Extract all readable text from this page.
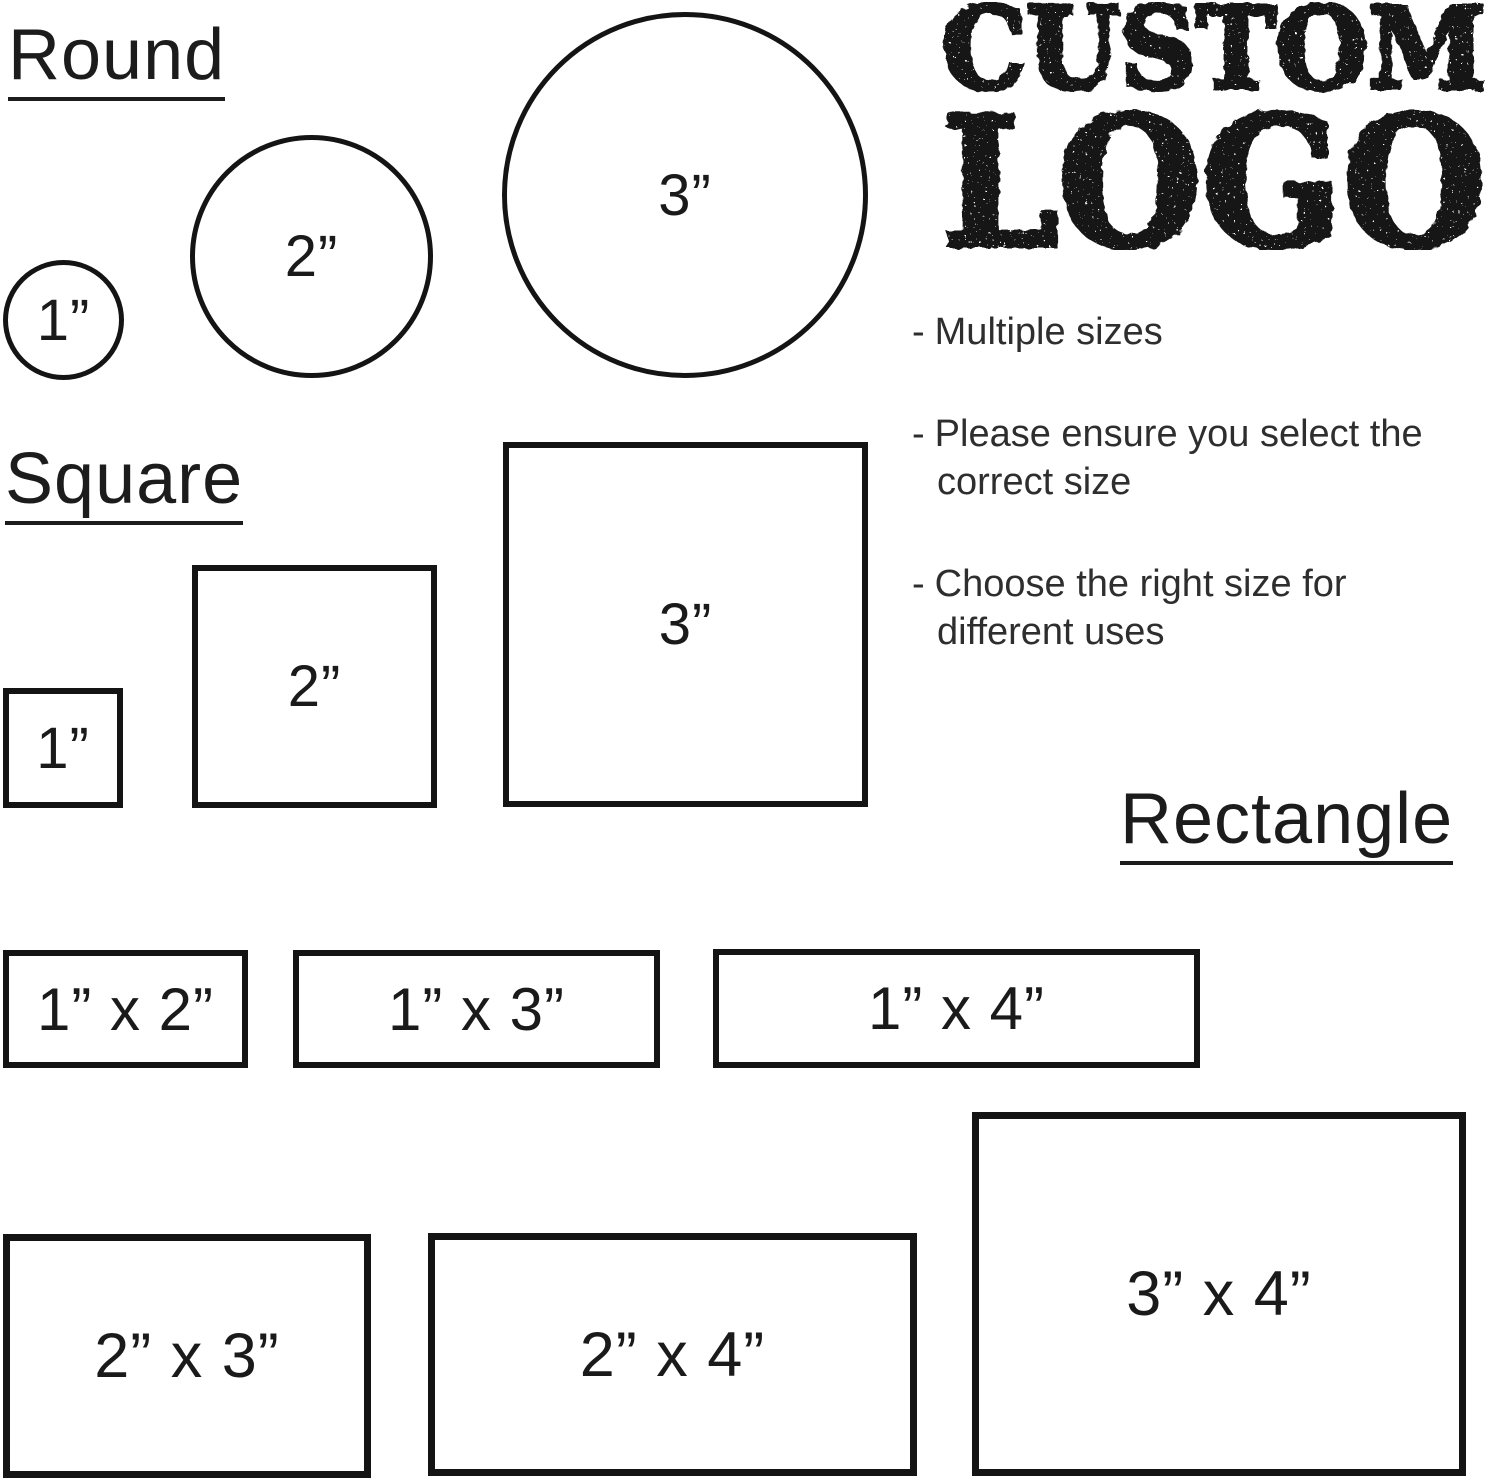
Round
Square
Rectangle
1”
2”
3”
1”
2”
3”
1” x 2”	1” x 3”	1” x 4”
2” x 3”	2” x 4”
3” x 4”
CUSTOM
LOGO
- Multiple sizes
- Please ensure you select the correct size
- Choose the right size for different uses
